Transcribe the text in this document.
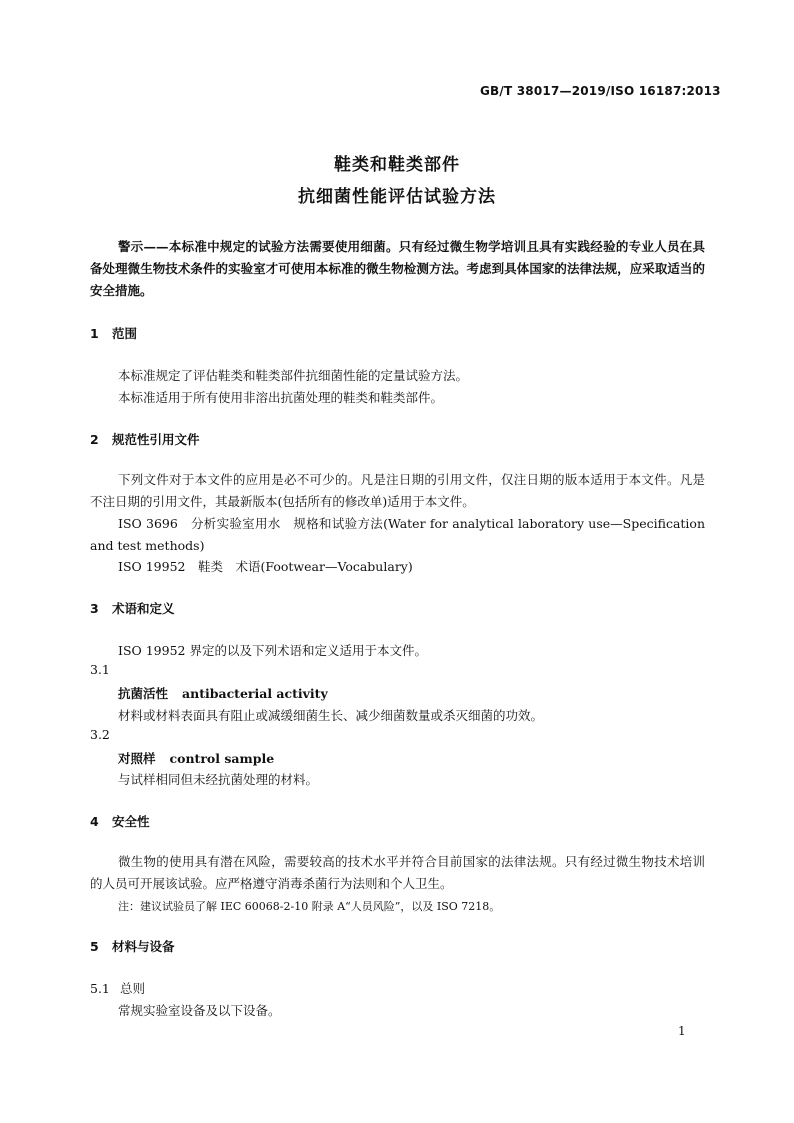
GB/T 38017—2019/ISO 16187:2013
鞋类和鞋类部件
抗细菌性能评估试验方法
警示——本标准中规定的试验方法需要使用细菌。只有经过微生物学培训且具有实践经验的专业人员在具备处理微生物技术条件的实验室才可使用本标准的微生物检测方法。考虑到具体国家的法律法规，应采取适当的安全措施。
1 范围
本标准规定了评估鞋类和鞋类部件抗细菌性能的定量试验方法。
本标准适用于所有使用非溶出抗菌处理的鞋类和鞋类部件。
2 规范性引用文件
下列文件对于本文件的应用是必不可少的。凡是注日期的引用文件，仅注日期的版本适用于本文件。凡是不注日期的引用文件，其最新版本(包括所有的修改单)适用于本文件。
ISO 3696　分析实验室用水　规格和试验方法(Water for analytical laboratory use—Specification and test methods)
ISO 19952　鞋类　术语(Footwear—Vocabulary)
3 术语和定义
ISO 19952 界定的以及下列术语和定义适用于本文件。
3.1
抗菌活性 antibacterial activity
材料或材料表面具有阻止或减缓细菌生长、减少细菌数量或杀灭细菌的功效。
3.2
对照样 control sample
与试样相同但未经抗菌处理的材料。
4 安全性
微生物的使用具有潜在风险，需要较高的技术水平并符合目前国家的法律法规。只有经过微生物技术培训的人员可开展该试验。应严格遵守消毒杀菌行为法则和个人卫生。
注：建议试验员了解 IEC 60068-2-10 附录 A“人员风险”，以及 ISO 7218。
5 材料与设备
5.1 总则
常规实验室设备及以下设备。
1
